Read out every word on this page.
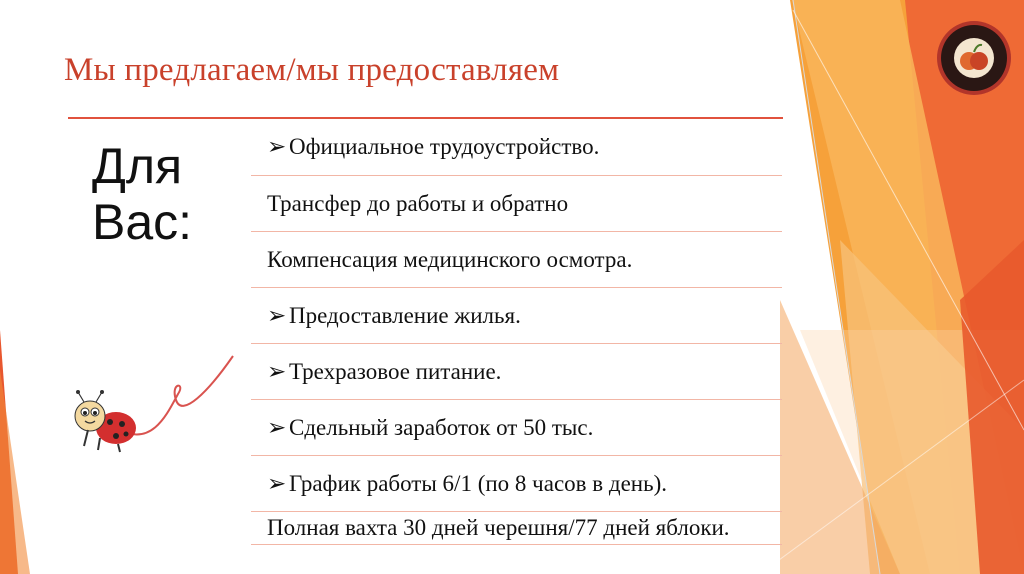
Мы предлагаем/мы предоставляем
Для
Вас:
➢ Официальное трудоустройство.
Трансфер до работы и обратно
Компенсация медицинского осмотра.
➢ Предоставление жилья.
➢ Трехразовое питание.
➢ Сдельный заработок от 50 тыс.
➢ График работы 6/1 (по 8 часов в день).
Полная вахта 30 дней черешня/77 дней яблоки.
